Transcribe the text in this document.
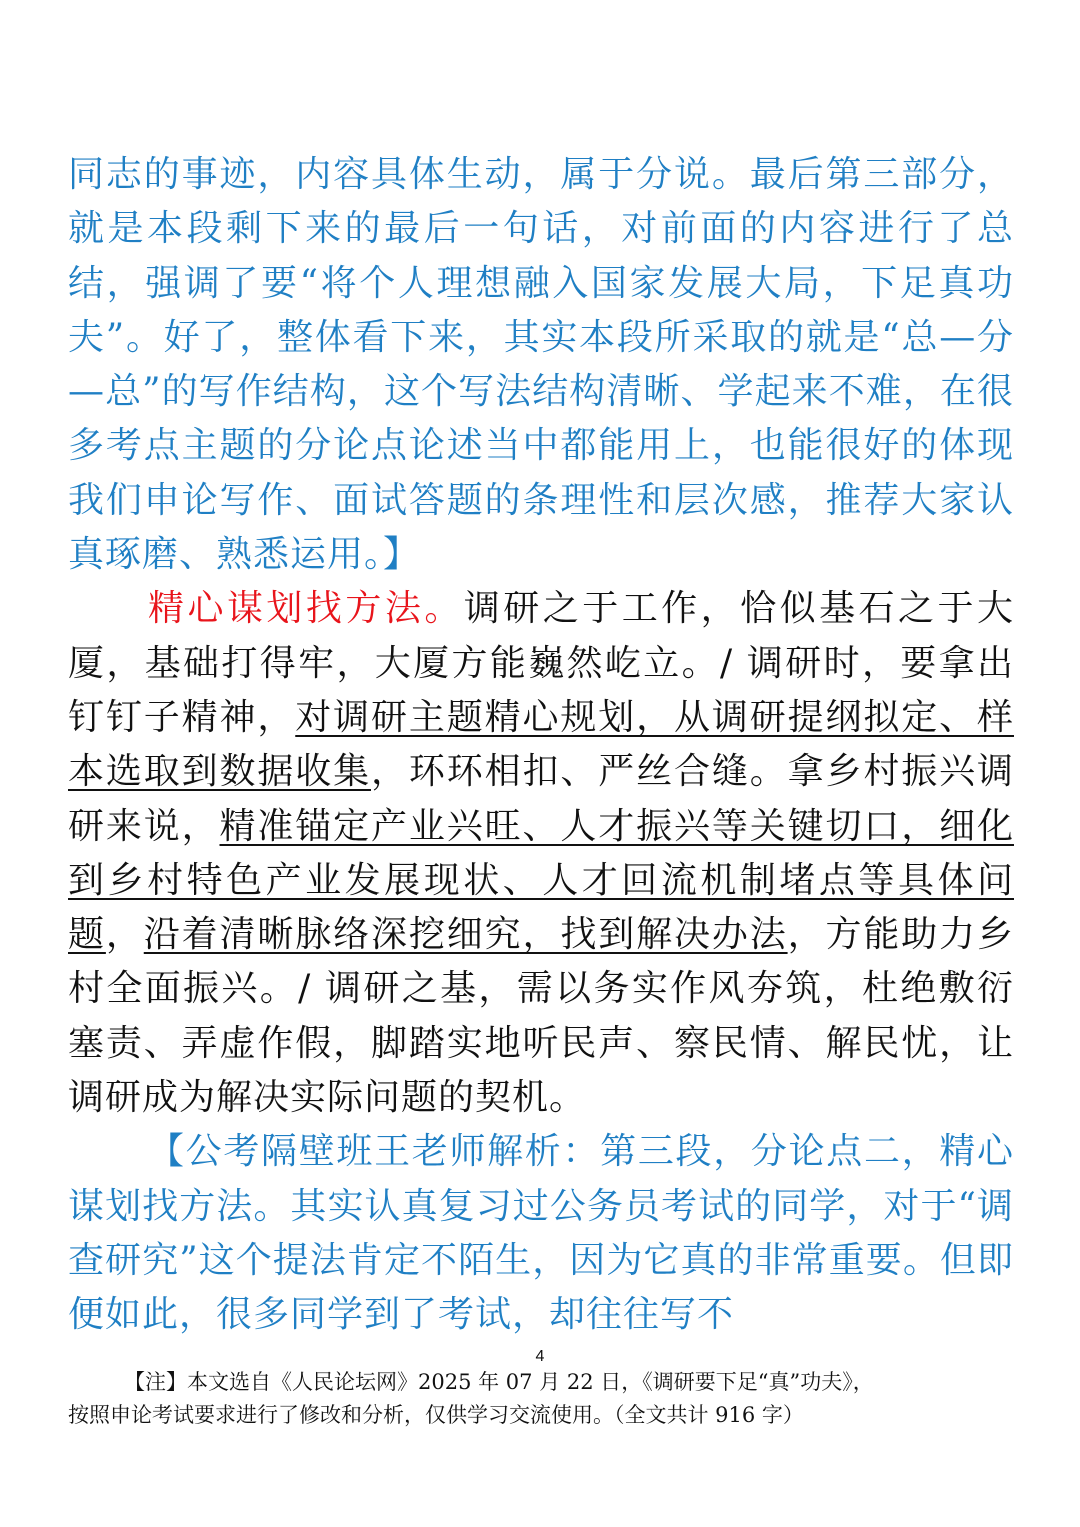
同志的事迹，内容具体生动，属于分说。最后第三部分，就是本段剩下来的最后一句话，对前面的内容进行了总结，强调了要“将个人理想融入国家发展大局，下足真功夫”。好了，整体看下来，其实本段所采取的就是“总—分—总”的写作结构，这个写法结构清晰、学起来不难，在很多考点主题的分论点论述当中都能用上，也能很好的体现我们申论写作、面试答题的条理性和层次感，推荐大家认真琢磨、熟悉运用。】

精心谋划找方法。调研之于工作，恰似基石之于大厦，基础打得牢，大厦方能巍然屹立。/ 调研时，要拿出钉钉子精神，对调研主题精心规划，从调研提纲拟定、样本选取到数据收集，环环相扣、严丝合缝。拿乡村振兴调研来说，精准锚定产业兴旺、人才振兴等关键切口，细化到乡村特色产业发展现状、人才回流机制堵点等具体问题，沿着清晰脉络深挖细究，找到解决办法，方能助力乡村全面振兴。/ 调研之基，需以务实作风夯筑，杜绝敷衍塞责、弄虚作假，脚踏实地听民声、察民情、解民忧，让调研成为解决实际问题的契机。

【公考隔壁班王老师解析：第三段，分论点二，精心谋划找方法。其实认真复习过公务员考试的同学，对于“调查研究”这个提法肯定不陌生，因为它真的非常重要。但即便如此，很多同学到了考试，却往往写不

4

【注】本文选自《人民论坛网》2025 年 07 月 22 日，《调研要下足“真”功夫》，

按照申论考试要求进行了修改和分析，仅供学习交流使用。（全文共计 916 字）
